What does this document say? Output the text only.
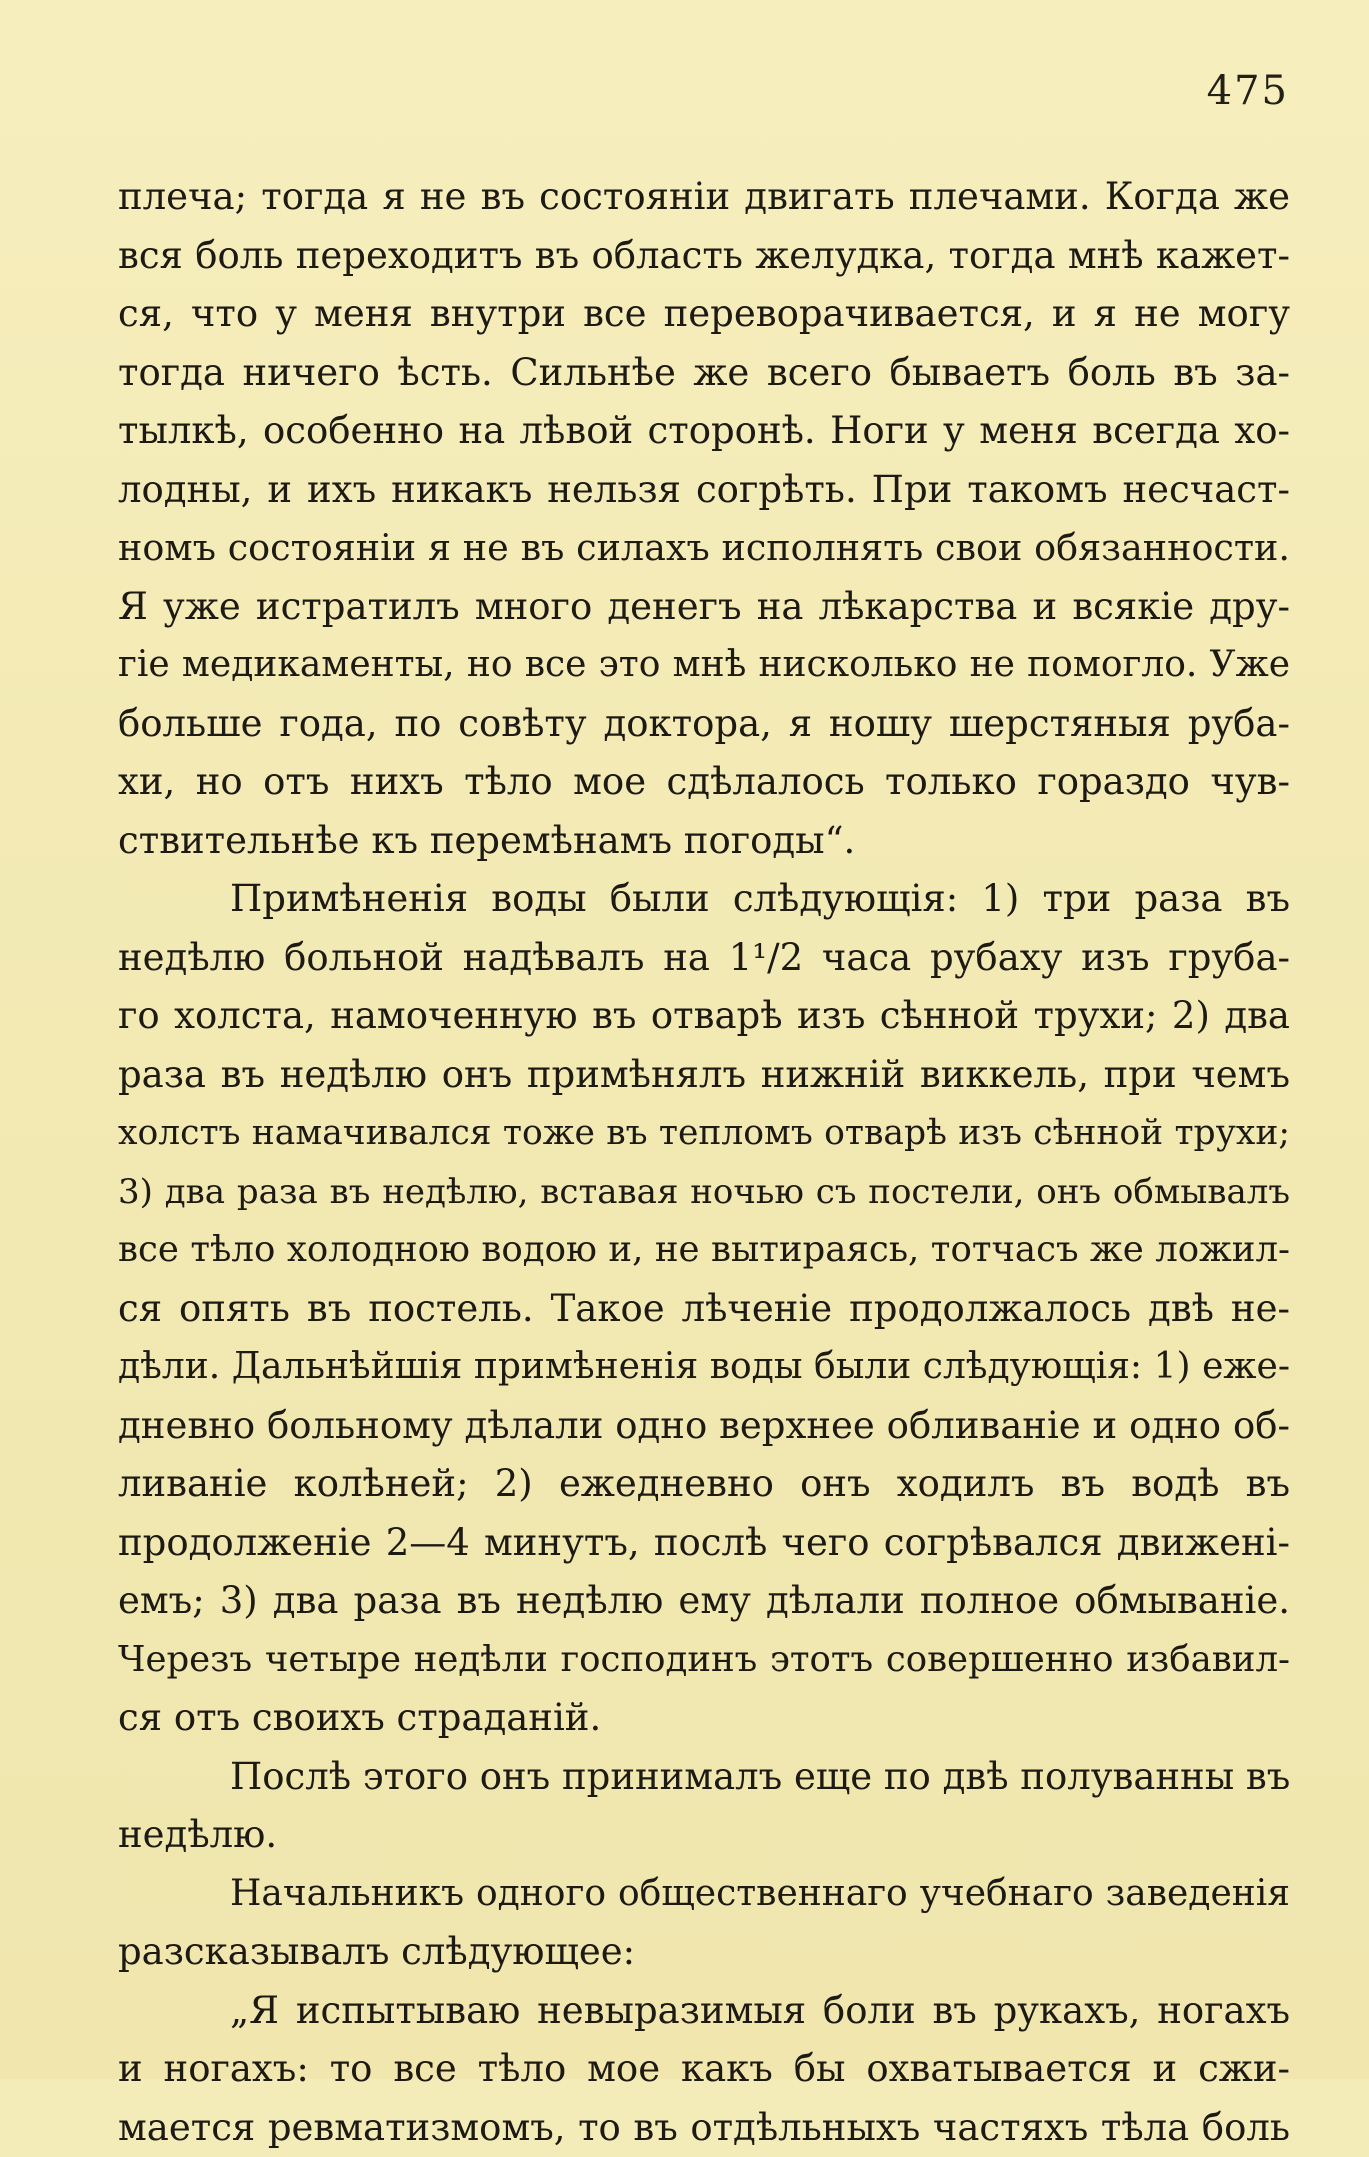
475
плеча; тогда я не въ состояніи двигать плечами. Когда же
вся боль переходитъ въ область желудка, тогда мнѣ кажет-
ся, что у меня внутри все переворачивается, и я не могу
тогда ничего ѣсть. Сильнѣе же всего бываетъ боль въ за-
тылкѣ, особенно на лѣвой сторонѣ. Ноги у меня всегда хо-
лодны, и ихъ никакъ нельзя согрѣть. При такомъ несчаст-
номъ состояніи я не въ силахъ исполнять свои обязанности.
Я уже истратилъ много денегъ на лѣкарства и всякіе дру-
гіе медикаменты, но все это мнѣ нисколько не помогло. Уже
больше года, по совѣту доктора, я ношу шерстяныя руба-
хи, но отъ нихъ тѣло мое сдѣлалось только гораздо чув-
ствительнѣе къ перемѣнамъ погоды“.
Примѣненія воды были слѣдующія: 1) три раза въ
недѣлю больной надѣвалъ на 1¹/2 часа рубаху изъ груба-
го холста, намоченную въ отварѣ изъ сѣнной трухи; 2) два
раза въ недѣлю онъ примѣнялъ нижній виккель, при чемъ
холстъ намачивался тоже въ тепломъ отварѣ изъ сѣнной трухи;
3) два раза въ недѣлю, вставая ночью съ постели, онъ обмывалъ
все тѣло холодною водою и, не вытираясь, тотчасъ же ложил-
ся опять въ постель. Такое лѣченіе продолжалось двѣ не-
дѣли. Дальнѣйшія примѣненія воды были слѣдующія: 1) еже-
дневно больному дѣлали одно верхнее обливаніе и одно об-
ливаніе колѣней; 2) ежедневно онъ ходилъ въ водѣ въ
продолженіе 2—4 минутъ, послѣ чего согрѣвался движені-
емъ; 3) два раза въ недѣлю ему дѣлали полное обмываніе.
Черезъ четыре недѣли господинъ этотъ совершенно избавил-
ся отъ своихъ страданій.
Послѣ этого онъ принималъ еще по двѣ полуванны въ
недѣлю.
Начальникъ одного общественнаго учебнаго заведенія
разсказывалъ слѣдующее:
„Я испытываю невыразимыя боли въ рукахъ, ногахъ
и ногахъ: то все тѣло мое какъ бы охватывается и сжи-
мается ревматизмомъ, то въ отдѣльныхъ частяхъ тѣла боль
